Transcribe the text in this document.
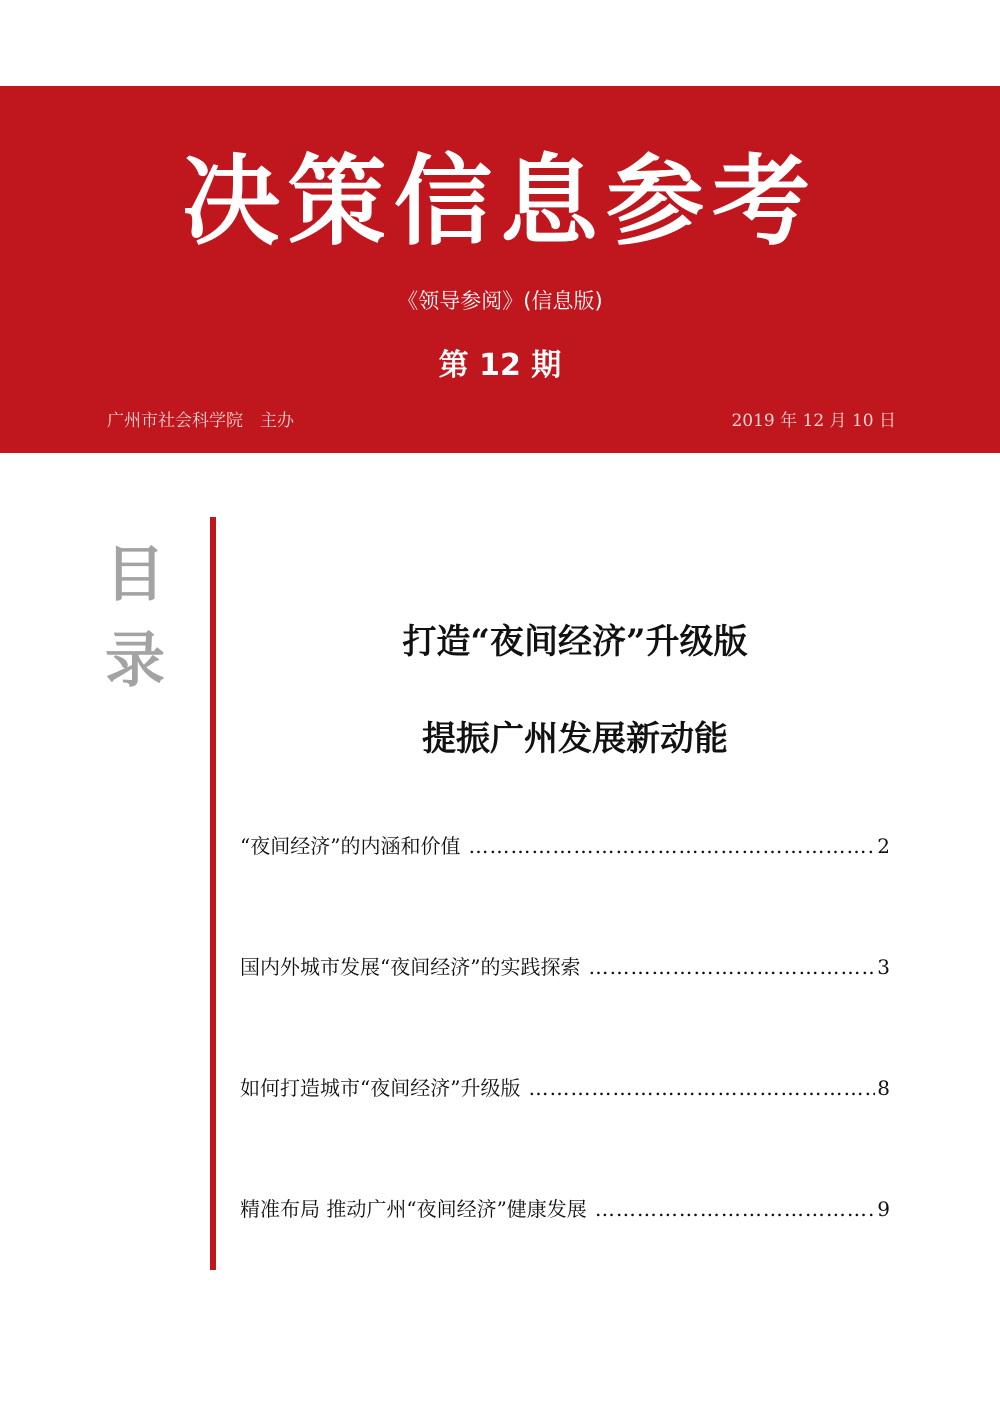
决策信息参考
《领导参阅》(信息版)
第 12 期
广州市社会科学院　主办	2019 年 12 月 10 日
目
录	打造“夜间经济”升级版
提振广州发展新动能
“夜间经济”的内涵和价值 …………………………………………………………………………………………………………………	2
国内外城市发展“夜间经济”的实践探索 …………………………………………………………………………………………………………………	3
如何打造城市“夜间经济”升级版 …………………………………………………………………………………………………………………	8
精准布局 推动广州“夜间经济”健康发展 …………………………………………………………………………………………………………………	9
